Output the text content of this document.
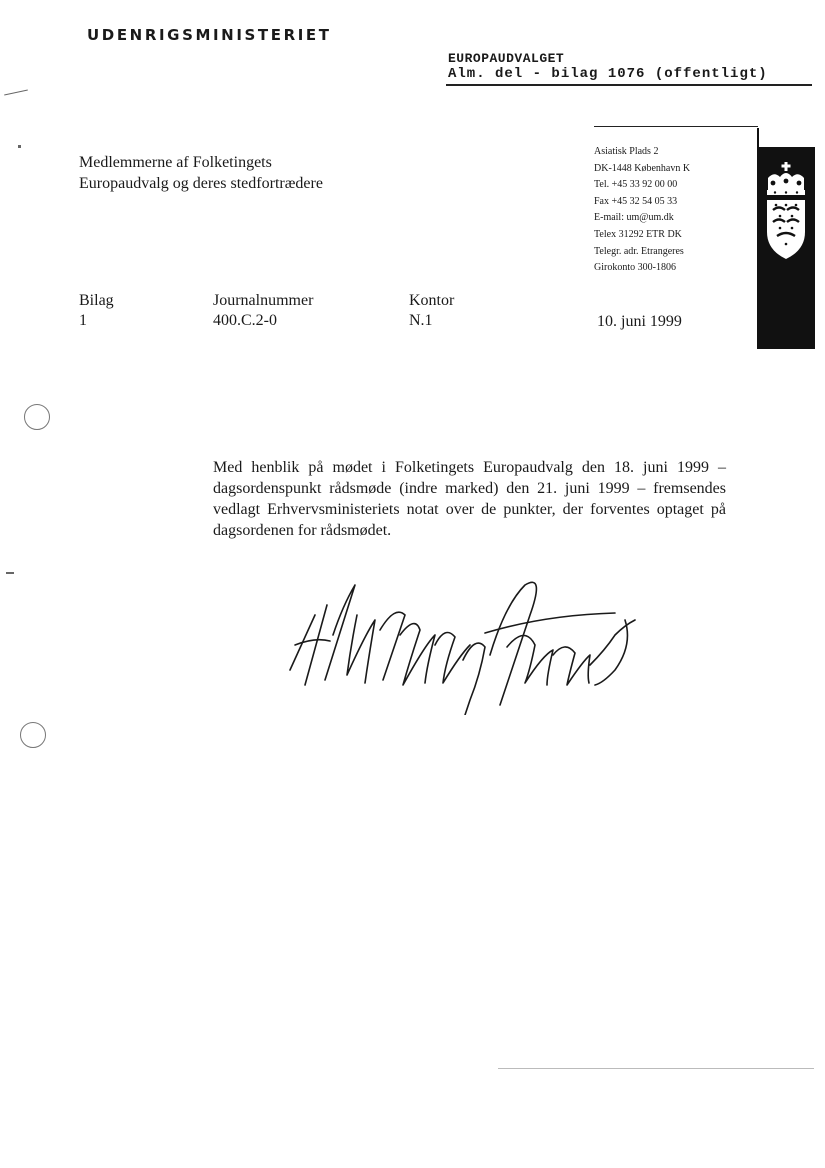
UDENRIGSMINISTERIET
EUROPAUDVALGET
Alm. del - bilag 1076 (offentligt)
Medlemmerne af Folketingets
Europaudvalg og deres stedfortrædere
Asiatisk Plads 2
DK-1448 København K
Tel. +45 33 92 00 00
Fax +45 32 54 05 33
E-mail: um@um.dk
Telex 31292 ETR DK
Telegr. adr. Etrangeres
Girokonto 300-1806
Bilag
1
Journalnummer
400.C.2-0
Kontor
N.1	10. juni 1999

Med henblik på mødet i Folketingets Europaudvalg den 18. juni 1999 – dagsordenspunkt rådsmøde (indre marked) den 21. juni 1999 – fremsendes vedlagt Erhvervsministeriets notat over de punkter, der forventes optaget på dagsordenen for rådsmødet.
